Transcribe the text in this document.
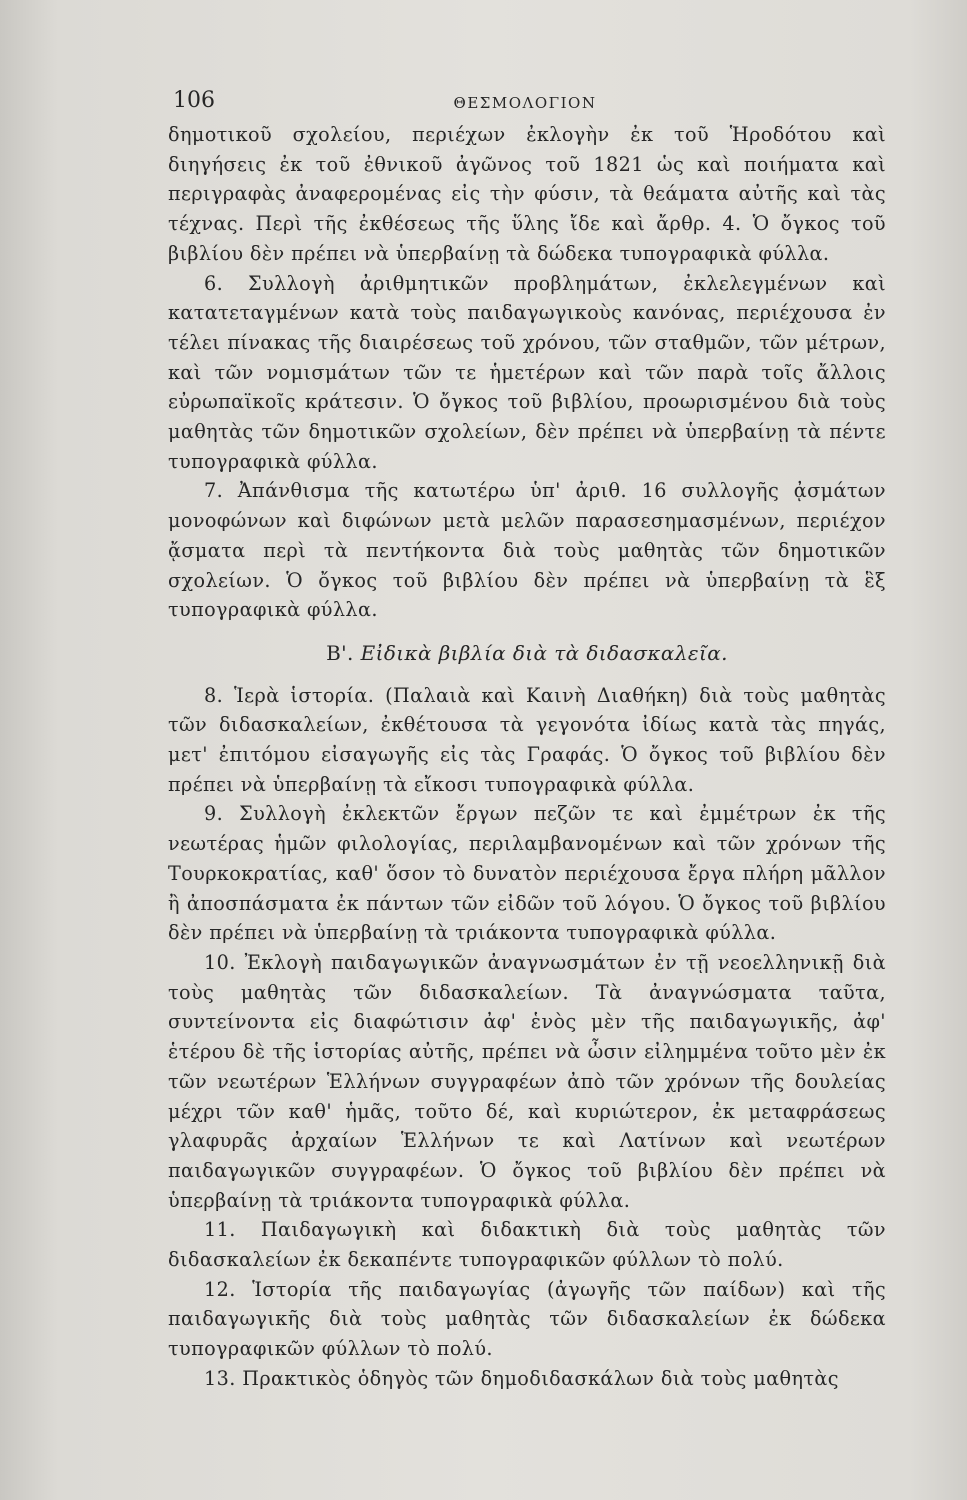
106	ΘΕΣΜΟΛΟΓΙΟΝ

δημοτικοῦ σχολείου, περιέχων ἐκλογὴν ἐκ τοῦ Ἡροδότου καὶ διηγήσεις ἐκ τοῦ ἐθνικοῦ ἀγῶνος τοῦ 1821 ὡς καὶ ποιήματα καὶ περιγραφὰς ἀναφερομένας εἰς τὴν φύσιν, τὰ θεάματα αὐτῆς καὶ τὰς τέχνας. Περὶ τῆς ἐκθέσεως τῆς ὕλης ἴδε καὶ ἄρθρ. 4. Ὁ ὄγκος τοῦ βιβλίου δὲν πρέπει νὰ ὑπερβαίνῃ τὰ δώδεκα τυπογραφικὰ φύλλα.

6. Συλλογὴ ἀριθμητικῶν προβλημάτων, ἐκλελεγμένων καὶ κατατεταγμένων κατὰ τοὺς παιδαγωγικοὺς κανόνας, περιέχουσα ἐν τέλει πίνακας τῆς διαιρέσεως τοῦ χρόνου, τῶν σταθμῶν, τῶν μέτρων, καὶ τῶν νομισμάτων τῶν τε ἡμετέρων καὶ τῶν παρὰ τοῖς ἄλλοις εὐρωπαϊκοῖς κράτεσιν. Ὁ ὄγκος τοῦ βιβλίου, προωρισμένου διὰ τοὺς μαθητὰς τῶν δημοτικῶν σχολείων, δὲν πρέπει νὰ ὑπερβαίνῃ τὰ πέντε τυπογραφικὰ φύλλα.

7. Ἀπάνθισμα τῆς κατωτέρω ὑπ' ἀριθ. 16 συλλογῆς ᾀσμάτων μονοφώνων καὶ διφώνων μετὰ μελῶν παρασεσημασμένων, περιέχον ᾄσματα περὶ τὰ πεντήκοντα διὰ τοὺς μαθητὰς τῶν δημοτικῶν σχολείων. Ὁ ὄγκος τοῦ βιβλίου δὲν πρέπει νὰ ὑπερβαίνῃ τὰ ἓξ τυπογραφικὰ φύλλα.

Β'. Εἰδικὰ βιβλία διὰ τὰ διδασκαλεῖα.

8. Ἱερὰ ἱστορία. (Παλαιὰ καὶ Καινὴ Διαθήκη) διὰ τοὺς μαθητὰς τῶν διδασκαλείων, ἐκθέτουσα τὰ γεγονότα ἰδίως κατὰ τὰς πηγάς, μετ' ἐπιτόμου εἰσαγωγῆς εἰς τὰς Γραφάς. Ὁ ὄγκος τοῦ βιβλίου δὲν πρέπει νὰ ὑπερβαίνῃ τὰ εἴκοσι τυπογραφικὰ φύλλα.

9. Συλλογὴ ἐκλεκτῶν ἔργων πεζῶν τε καὶ ἐμμέτρων ἐκ τῆς νεωτέρας ἡμῶν φιλολογίας, περιλαμβανομένων καὶ τῶν χρόνων τῆς Τουρκοκρατίας, καθ' ὅσον τὸ δυνατὸν περιέχουσα ἔργα πλήρη μᾶλλον ἢ ἀποσπάσματα ἐκ πάντων τῶν εἰδῶν τοῦ λόγου. Ὁ ὄγκος τοῦ βιβλίου δὲν πρέπει νὰ ὑπερβαίνῃ τὰ τριάκοντα τυπογραφικὰ φύλλα.

10. Ἐκλογὴ παιδαγωγικῶν ἀναγνωσμάτων ἐν τῇ νεοελληνικῇ διὰ τοὺς μαθητὰς τῶν διδασκαλείων. Τὰ ἀναγνώσματα ταῦτα, συντείνοντα εἰς διαφώτισιν ἀφ' ἑνὸς μὲν τῆς παιδαγωγικῆς, ἀφ' ἑτέρου δὲ τῆς ἱστορίας αὐτῆς, πρέπει νὰ ὦσιν εἰλημμένα τοῦτο μὲν ἐκ τῶν νεωτέρων Ἑλλήνων συγγραφέων ἀπὸ τῶν χρόνων τῆς δουλείας μέχρι τῶν καθ' ἡμᾶς, τοῦτο δέ, καὶ κυριώτερον, ἐκ μεταφράσεως γλαφυρᾶς ἀρχαίων Ἑλλήνων τε καὶ Λατίνων καὶ νεωτέρων παιδαγωγικῶν συγγραφέων. Ὁ ὄγκος τοῦ βιβλίου δὲν πρέπει νὰ ὑπερβαίνῃ τὰ τριάκοντα τυπογραφικὰ φύλλα.

11. Παιδαγωγικὴ καὶ διδακτικὴ διὰ τοὺς μαθητὰς τῶν διδασκαλείων ἐκ δεκαπέντε τυπογραφικῶν φύλλων τὸ πολύ.

12. Ἱστορία τῆς παιδαγωγίας (ἀγωγῆς τῶν παίδων) καὶ τῆς παιδαγωγικῆς διὰ τοὺς μαθητὰς τῶν διδασκαλείων ἐκ δώδεκα τυπογραφικῶν φύλλων τὸ πολύ.

13. Πρακτικὸς ὁδηγὸς τῶν δημοδιδασκάλων διὰ τοὺς μαθητὰς
